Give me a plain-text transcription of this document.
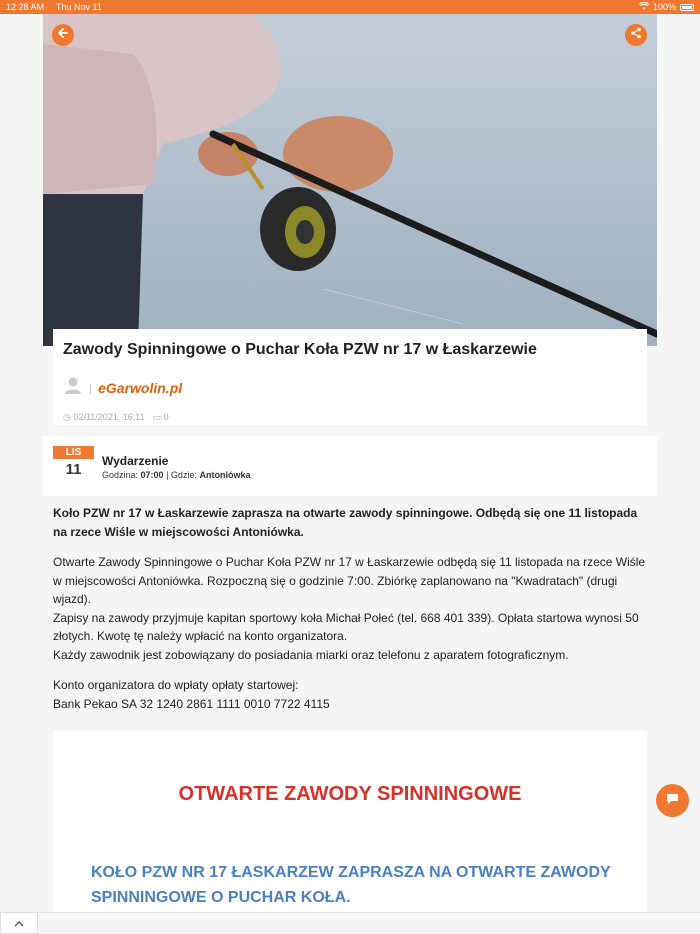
12:28 AM Thu Nov 11	100%
Zawody Spinningowe o Puchar Koła PZW nr 17 w Łaskarzewie
| eGarwolin.pl
◷ 02/11/2021, 16:11 ▭ 0
LIS
11	Wydarzenie
Godzina: 07:00 | Gdzie: Antoniówka

Koło PZW nr 17 w Łaskarzewie zaprasza na otwarte zawody spinningowe. Odbędą się one 11 listopada na rzece Wiśle w miejscowości Antoniówka.

Otwarte Zawody Spinningowe o Puchar Koła PZW nr 17 w Łaskarzewie odbędą się 11 listopada na rzece Wiśle w miejscowości Antoniówka. Rozpoczną się o godzinie 7:00. Zbiórkę zaplanowano na "Kwadratach" (drugi wjazd).
Zapisy na zawody przyjmuje kapitan sportowy koła Michał Połeć (tel. 668 401 339). Opłata startowa wynosi 50 złotych. Kwotę tę należy wpłacić na konto organizatora.
Każdy zawodnik jest zobowiązany do posiadania miarki oraz telefonu z aparatem fotograficznym.

Konto organizatora do wpłaty opłaty startowej:
Bank Pekao SA 32 1240 2861 1111 0010 7722 4115

OTWARTE ZAWODY SPINNINGOWE
KOŁO PZW NR 17 ŁASKARZEW ZAPRASZA NA OTWARTE ZAWODY SPINNINGOWE O PUCHAR KOŁA.
